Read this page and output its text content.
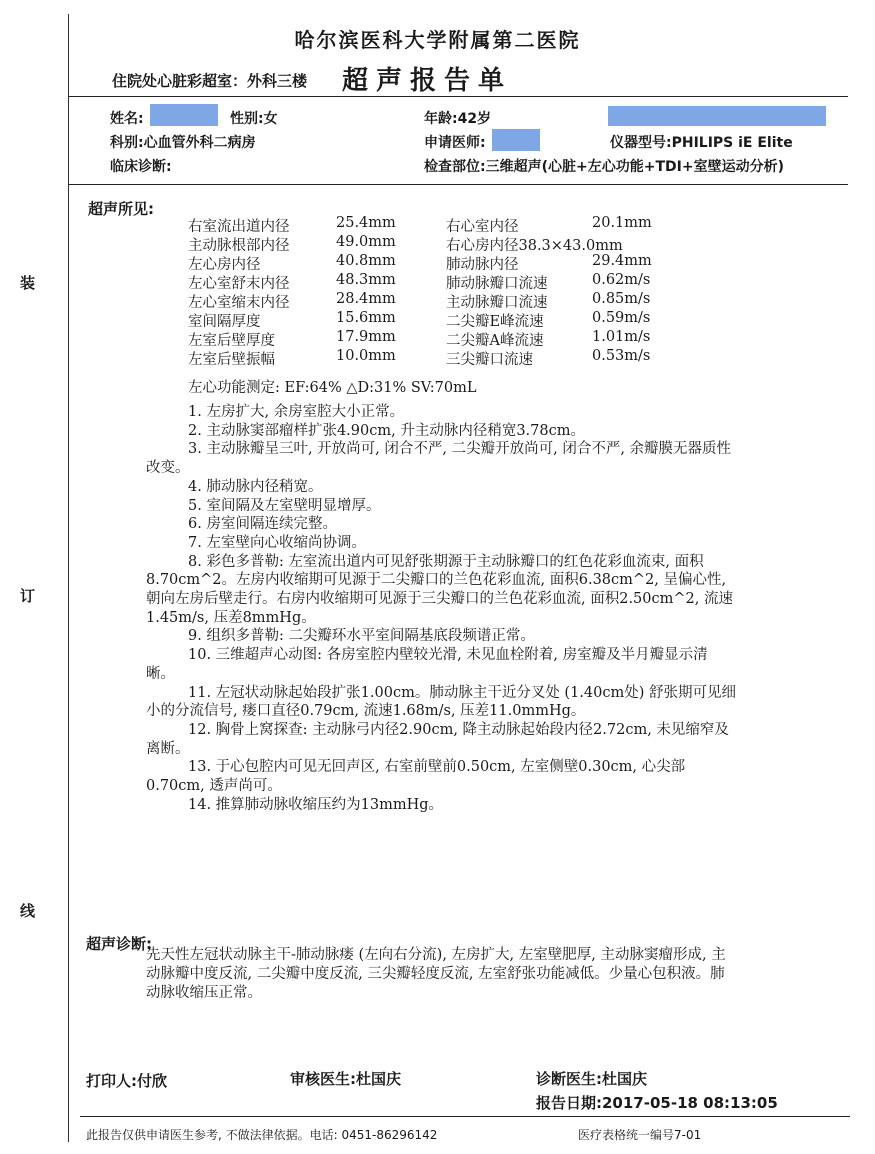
装
订
线
哈尔滨医科大学附属第二医院
住院处心脏彩超室：外科三楼 超声报告单
姓名:	性别:女	年龄:42岁
科别:心血管外科二病房	申请医师:	仪器型号:PHILIPS iE Elite
临床诊断:	检查部位:三维超声(心脏+左心功能+TDI+室壁运动分析)
超声所见:
右室流出道内径	25.4mm	右心室内径	20.1mm
主动脉根部内径	49.0mm	右心房内径38.3×43.0mm
左心房内径	40.8mm	肺动脉内径	29.4mm
左心室舒末内径	48.3mm	肺动脉瓣口流速	0.62m/s
左心室缩末内径	28.4mm	主动脉瓣口流速	0.85m/s
室间隔厚度	15.6mm	二尖瓣E峰流速	0.59m/s
左室后壁厚度	17.9mm	二尖瓣A峰流速	1.01m/s
左室后壁振幅	10.0mm	三尖瓣口流速	0.53m/s
左心功能测定: EF:64% △D:31% SV:70mL

1. 左房扩大, 余房室腔大小正常。

2. 主动脉窦部瘤样扩张4.90cm, 升主动脉内径稍宽3.78cm。

3. 主动脉瓣呈三叶, 开放尚可, 闭合不严, 二尖瓣开放尚可, 闭合不严, 余瓣膜无器质性改变。

4. 肺动脉内径稍宽。

5. 室间隔及左室壁明显增厚。

6. 房室间隔连续完整。

7. 左室壁向心收缩尚协调。

8. 彩色多普勒: 左室流出道内可见舒张期源于主动脉瓣口的红色花彩血流束, 面积8.70cm^2。左房内收缩期可见源于二尖瓣口的兰色花彩血流, 面积6.38cm^2, 呈偏心性, 朝向左房后壁走行。右房内收缩期可见源于三尖瓣口的兰色花彩血流, 面积2.50cm^2, 流速1.45m/s, 压差8mmHg。

9. 组织多普勒: 二尖瓣环水平室间隔基底段频谱正常。

10. 三维超声心动图: 各房室腔内壁较光滑, 未见血栓附着, 房室瓣及半月瓣显示清晰。

11. 左冠状动脉起始段扩张1.00cm。肺动脉主干近分叉处 (1.40cm处) 舒张期可见细小的分流信号, 瘘口直径0.79cm, 流速1.68m/s, 压差11.0mmHg。

12. 胸骨上窝探查: 主动脉弓内径2.90cm, 降主动脉起始段内径2.72cm, 未见缩窄及离断。

13. 于心包腔内可见无回声区, 右室前壁前0.50cm, 左室侧壁0.30cm, 心尖部0.70cm, 透声尚可。

14. 推算肺动脉收缩压约为13mmHg。

超声诊断:
先天性左冠状动脉主干-肺动脉瘘 (左向右分流), 左房扩大, 左室壁肥厚, 主动脉窦瘤形成, 主动脉瓣中度反流, 二尖瓣中度反流, 三尖瓣轻度反流, 左室舒张功能减低。少量心包积液。肺动脉收缩压正常。
打印人:付欣	审核医生:杜国庆	诊断医生:杜国庆
报告日期:2017-05-18 08:13:05
此报告仅供申请医生参考, 不做法律依据。电话: 0451-86296142	医疗表格统一编号7-01
